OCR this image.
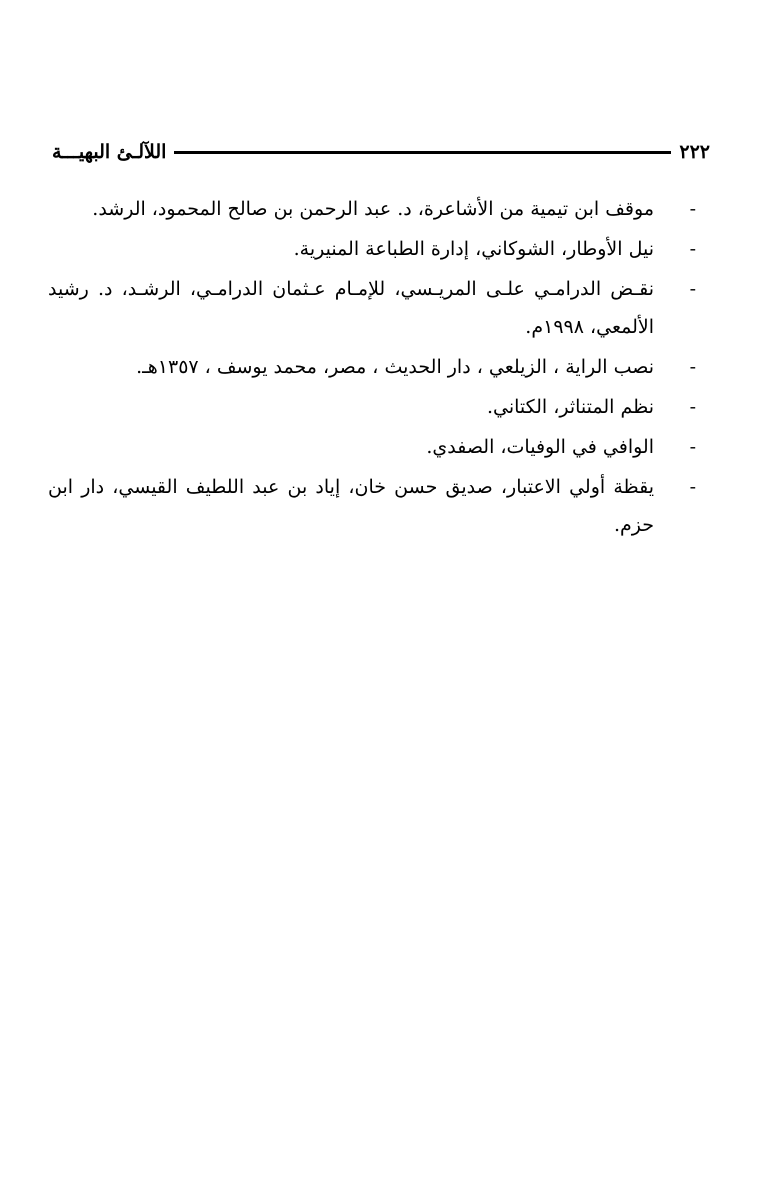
٢٢٢
اللآلـئ البهيـــة
-
موقف ابن تيمية من الأشاعرة، د. عبد الرحمن بن صالح المحمود، الرشد.
-
نيل الأوطار، الشوكاني، إدارة الطباعة المنيرية.
-
نقـض الدرامـي علـى المريـسي، للإمـام عـثمان الدرامـي، الرشـد، د. رشيد الألمعي، ١٩٩٨م.
-
نصب الراية ، الزيلعي ، دار الحديث ، مصر، محمد يوسف ، ١٣٥٧هـ.
-
نظم المتناثر، الكتاني.
-
الوافي في الوفيات، الصفدي.
-
يقظة أولي الاعتبار، صديق حسن خان، إياد بن عبد اللطيف القيسي، دار ابن حزم.
